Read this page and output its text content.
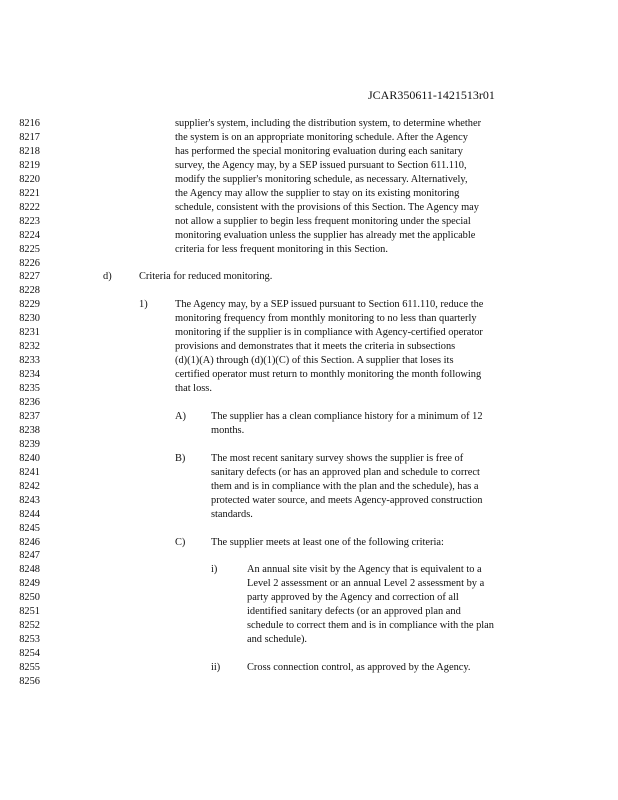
JCAR350611-1421513r01
8216	supplier's system, including the distribution system, to determine whether
8217	the system is on an appropriate monitoring schedule. After the Agency
8218	has performed the special monitoring evaluation during each sanitary
8219	survey, the Agency may, by a SEP issued pursuant to Section 611.110,
8220	modify the supplier's monitoring schedule, as necessary. Alternatively,
8221	the Agency may allow the supplier to stay on its existing monitoring
8222	schedule, consistent with the provisions of this Section. The Agency may
8223	not allow a supplier to begin less frequent monitoring under the special
8224	monitoring evaluation unless the supplier has already met the applicable
8225	criteria for less frequent monitoring in this Section.
8226
8227	d)	Criteria for reduced monitoring.
8228
8229	1)	The Agency may, by a SEP issued pursuant to Section 611.110, reduce the
8230	monitoring frequency from monthly monitoring to no less than quarterly
8231	monitoring if the supplier is in compliance with Agency-certified operator
8232	provisions and demonstrates that it meets the criteria in subsections
8233	(d)(1)(A) through (d)(1)(C) of this Section. A supplier that loses its
8234	certified operator must return to monthly monitoring the month following
8235	that loss.
8236
8237	A) The supplier has a clean compliance history for a minimum of 12
8238	months.
8239
8240	B) The most recent sanitary survey shows the supplier is free of
8241	sanitary defects (or has an approved plan and schedule to correct
8242	them and is in compliance with the plan and the schedule), has a
8243	protected water source, and meets Agency-approved construction
8244	standards.
8245
8246	C) The supplier meets at least one of the following criteria:
8247
8248	i)	An annual site visit by the Agency that is equivalent to a
8249	Level 2 assessment or an annual Level 2 assessment by a
8250	party approved by the Agency and correction of all
8251	identified sanitary defects (or an approved plan and
8252	schedule to correct them and is in compliance with the plan
8253	and schedule).
8254
8255	ii)	Cross connection control, as approved by the Agency.
8256
